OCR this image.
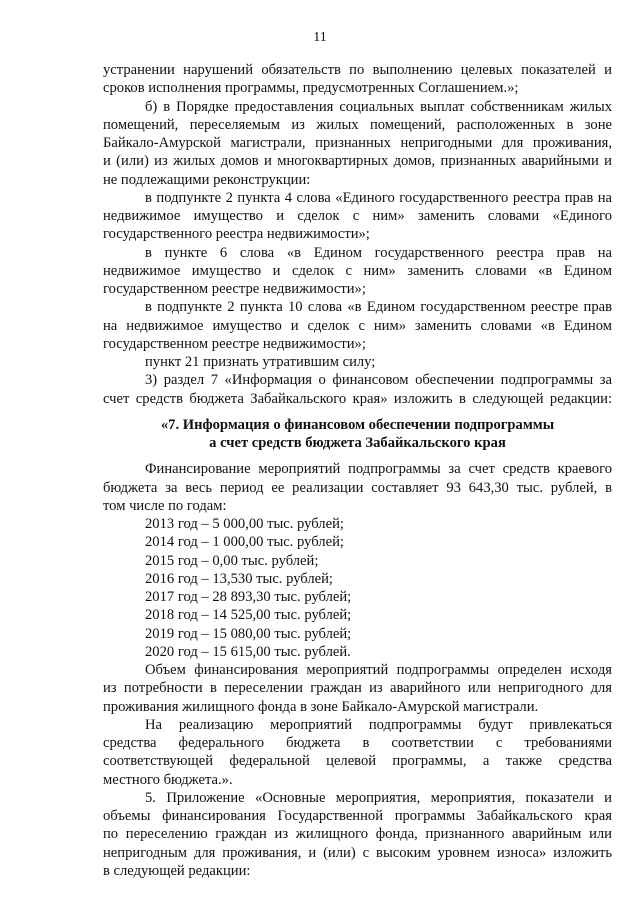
11
устранении нарушений обязательств по выполнению целевых показателей и
сроков исполнения программы, предусмотренных Соглашением.»;
б) в Порядке предоставления социальных выплат собственникам жилых
помещений, переселяемым из жилых помещений, расположенных в зоне
Байкало-Амурской магистрали, признанных непригодными для проживания,
и (или) из жилых домов и многоквартирных домов, признанных аварийными и
не подлежащими реконструкции:
в подпункте 2 пункта 4 слова «Единого государственного реестра прав на
недвижимое имущество и сделок с ним» заменить словами «Единого
государственного реестра недвижимости»;
в пункте 6 слова «в Едином государственного реестра прав на
недвижимое имущество и сделок с ним» заменить словами «в Едином
государственном реестре недвижимости»;
в подпункте 2 пункта 10 слова «в Едином государственном реестре прав
на недвижимое имущество и сделок с ним» заменить словами «в Едином
государственном реестре недвижимости»;
пункт 21 признать утратившим силу;
3) раздел 7 «Информация о финансовом обеспечении подпрограммы за
счет средств бюджета Забайкальского края» изложить в следующей редакции:
«7. Информация о финансовом обеспечении подпрограммы
а счет средств бюджета Забайкальского края
Финансирование мероприятий подпрограммы за счет средств краевого
бюджета за весь период ее реализации составляет 93 643,30 тыс. рублей, в
том числе по годам:
2013 год – 5 000,00 тыс. рублей;
2014 год – 1 000,00 тыс. рублей;
2015 год – 0,00 тыс. рублей;
2016 год – 13,530 тыс. рублей;
2017 год – 28 893,30 тыс. рублей;
2018 год – 14 525,00 тыс. рублей;
2019 год – 15 080,00 тыс. рублей;
2020 год – 15 615,00 тыс. рублей.
Объем финансирования мероприятий подпрограммы определен исходя
из потребности в переселении граждан из аварийного или непригодного для
проживания жилищного фонда в зоне Байкало-Амурской магистрали.
На реализацию мероприятий подпрограммы будут привлекаться
средства федерального бюджета в соответствии с требованиями
соответствующей федеральной целевой программы, а также средства
местного бюджета.».
5. Приложение «Основные мероприятия, мероприятия, показатели и
объемы финансирования Государственной программы Забайкальского края
по переселению граждан из жилищного фонда, признанного аварийным или
непригодным для проживания, и (или) с высоким уровнем износа» изложить
в следующей редакции:
